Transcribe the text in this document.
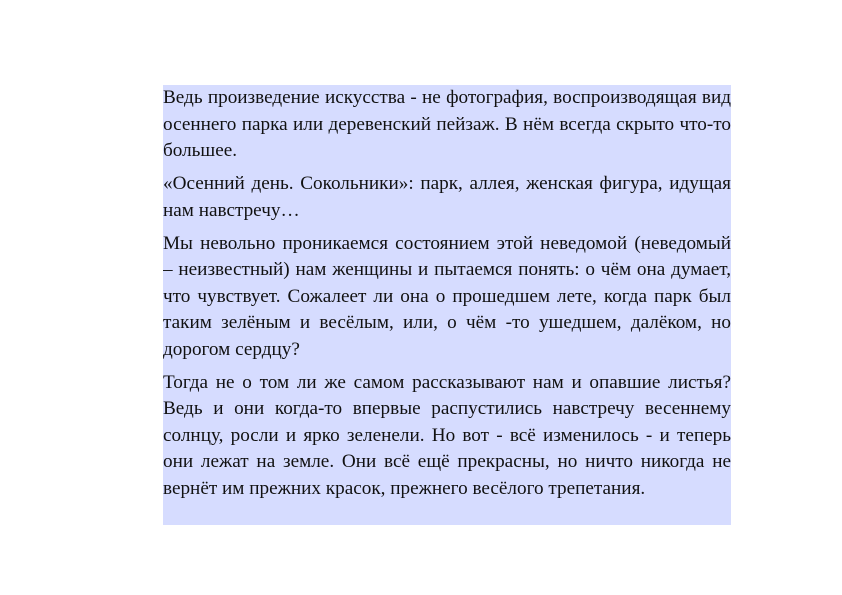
Ведь произведение искусства - не фотография, воспроизводящая вид осеннего парка или деревенский пейзаж. В нём всегда скрыто что-то большее.

«Осенний день. Сокольники»: парк, аллея, женская фигура, идущая нам навстречу…

Мы невольно проникаемся состоянием этой неведомой (неведомый – неизвестный) нам женщины и пытаемся понять: о чём она думает, что чувствует. Сожалеет ли она о прошедшем лете, когда парк был таким зелёным и весёлым, или, о чём -то ушедшем, далёком, но дорогом сердцу?

Тогда не о том ли же самом рассказывают нам и опавшие листья? Ведь и они когда-то впервые распустились навстречу весеннему солнцу, росли и ярко зеленели. Но вот - всё изменилось - и теперь они лежат на земле. Они всё ещё прекрасны, но ничто никогда не вернёт им прежних красок, прежнего весёлого трепетания.
